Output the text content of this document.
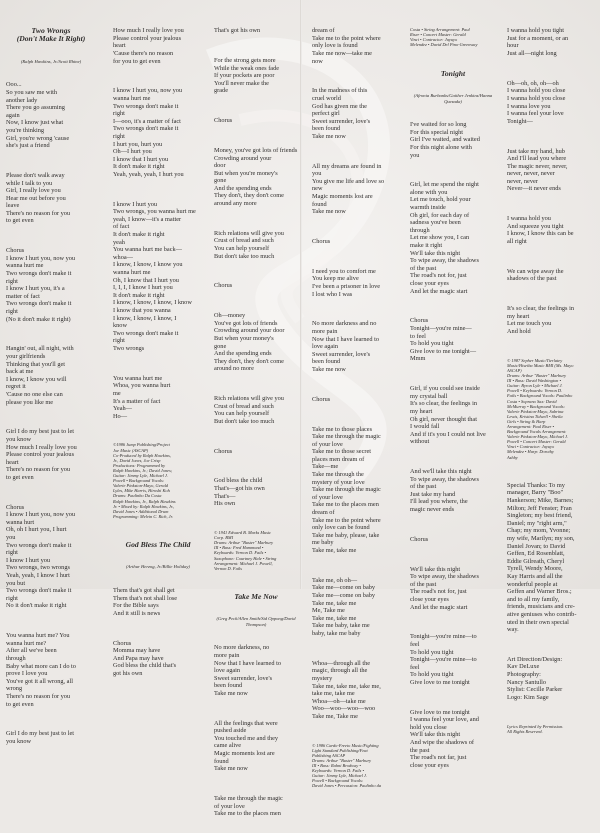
Two Wrongs
(Don't Make It Right)

(Ralph Hawkins, Jr./Scott Rhine)

Ooo...
So you saw me with
another lady
There you go assuming
again
Now, I know just what
you're thinking
Girl, you're wrong 'cause
she's just a friend

Please don't walk away
while I talk to you
Girl, I really love you
Hear me out before you
leave
There's no reason for you
to get even

Chorus
I know I hurt you, now you
wanna hurt me
Two wrongs don't make it
right
I know I hurt you, it's a
matter of fact
Two wrongs don't make it
right
(No it don't make it right)

Hangin' out, all night, with
your girlfriends
Thinking that you'll get
back at me
I know, I know you will
regret it
'Cause no one else can
please you like me

Girl I do my best just to let
you know
How much I really love you
Please control your jealous
heart
There's no reason for you
to get even

Chorus
I know I hurt you, now you
wanna hurt
Oh, oh I hurt you, I hurt
you
Two wrongs don't make it
right
I know I hurt you
Two wrongs, two wrongs
Yeah, yeah, I know I hurt
you but
Two wrongs don't make it
right
No it don't make it right

You wanna hurt me? You
wanna hurt me?
After all we've been
through
Baby what more can I do to
prove I love you
You've got it all wrong, all
wrong
There's no reason for you
to get even

Girl I do my best just to let
you know

How much I really love you
Please control your jealous
heart
'Cause there's no reason
for you to get even

I know I hurt you, now you
wanna hurt me
Two wrongs don't make it
right
I—ooo, it's a matter of fact
Two wrongs don't make it
right
I hurt you, hurt you
Oh—I hurt you
I know that I hurt you
It don't make it right
Yeah, yeah, yeah, I hurt you

I know I hurt you
Two wrongs, you wanna hurt me
yeah, I know—it's a matter
of fact
It don't make it right
yeah
You wanna hurt me back—
whoa—
I know, I know, I know you
wanna hurt me
Oh, I know that I hurt you
I, I, I, I know I hurt you
It don't make it right
I know, I know, I know, I know
I know that you wanna
I know, I know, I know, I
know
Two wrongs don't make it
right
Two wrongs

You wanna hurt me
Whoa, you wanna hurt
me
It's a matter of fact
Yeah—
Ho—

©1986 Jump Publishing/Project
Joe Music (ASCAP)
Co-Produced by Ralph Hawkins,
Jr., David Jones, Joe Crisp
Productions: Programmed by
Ralph Hawkins, Jr.; David Jones;
Guitar: Jimmy Lyle, Michael J.
Powell • Background Vocals:
Valerie Pinkston-Mayo, Gerald
Lyles, Mike Harris, Hiroshi Koh
Drums: Paulinho Da Costa
Ralph Hawkins, Jr., Ralph Hawkins
Jr. • Mixed by: Ralph Hawkins, Jr.,
David Jones • Additional Drum
Programming: Melvin C. Rich, Jr.

God Bless The Child

(Arthur Herzog, Jr./Billie Holiday)

Them that's got shall get
Them that's not shall lose
For the Bible says
And it still is news

Chorus
Momma may have
And Papa may have
God bless the child that's
got his own

That's got his own

For the strong gets more
While the weak ones fade
If your pockets are poor
You'll never make the
grade

Chorus

Money, you've got lots of friends
Crowding around your
door
But when you're money's
gone
And the spending ends
They don't, they don't come
around any more

Rich relations will give you
Crust of bread and such
You can help yourself
But don't take too much

Chorus

Oh—money
You've got lots of friends
Crowding around your door
But when your money's
gone
And the spending ends
They don't, they don't come
around no more

Rich relations will give you
Crust of bread and such
You can help yourself
But don't take too much

Chorus

God bless the child
That's—got his own
That's—
His own

© 1941 Edward B. Marks Music
Corp. BMI
Drums: Arthur "Buster" Marbury
III • Bass: Fred Hammond •
Keyboards: Vernon D. Fails •
Saxophone: Courtney Hale • String
Arrangement: Michael J. Powell,
Vernon D. Fails

Take Me Now

(Greg Peck/Allen Smith/Sid Oppong/David Thompson)

No more darkness, no
more pain
Now that I have learned to
love again
Sweet surrender, love's
been found
Take me now

All the feelings that were
pushed aside
You touched me and they
came alive
Magic moments lost are
found
Take me now

Take me through the magic
of your love
Take me to the places men

dream of
Take me to the point where
only love is found
Take me now—take me
now

In the madness of this
cruel world
God has given me the
perfect girl
Sweet surrender, love's
been found
Take me now

All my dreams are found in
you
You give me life and love so
new
Magic moments lost are
found
Take me now

Chorus

I need you to comfort me
You keep me alive
I've been a prisoner in love
I lost who I was

No more darkness and no
more pain
Now that I have learned to
love again
Sweet surrender, love's
been found
Take me now

Chorus

Take me to those places
Take me through the magic
of your love
Take me to those secret
places men dream of
Take—me
Take me through the
mystery of your love
Take me through the magic
of your love
Take me to the places men
dream of
Take me to the point where
only love can be found
Take me baby, please, take
me baby
Take me, take me

Take me, oh oh—
Take me—come on baby
Take me—come on baby
Take me, take me
Me, Take me
Take me, take me
Take me baby, take me
baby, take me baby

Whoa—through all the
magic, through all the
mystery
Take me, take me, take me,
take me, take me
Whoa—oh—take me
Woo—woo—woo—woo
Take me, Take me

© 1986 Cardo-Freeto Music/Fighting
Light Standard Publishing/Feat
Publishing ASCAP
Drums: Arthur "Buster" Marbury
III • Bass: Rahni Brodway •
Keyboards: Vernon D. Fails •
Guitar: Jimmy Lyle, Michael J.
Powell • Background Vocals:
David Jones • Percussion: Paulinho da

Costa • String Arrangement: Paul
Riser • Concert Master: Gerald
Vinci • Contractor: Jayuyo
Melendez • David Del Pino-Greenway

Tonight

(Afronia Burbanks/Gaither Jenkins/Hanna Quezada)

I've waited for so long
For this special night
Girl I've waited, and waited
For this night alone with
you

Girl, let me spend the night
alone with you
Let me touch, hold your
warmth inside
Oh girl, for each day of
sadness you've been
through
Let me show you, I can
make it right
We'll take this night
To wipe away, the shadows
of the past
The road's not for, just
close your eyes
And let the magic start

Chorus
Tonight—you're mine—
to feel
To hold you tight
Give love to me tonight—
Mmm

Girl, if you could see inside
my crystal ball
It's so clear, the feelings in
my heart
Oh girl, never thought that
I would fall
And if it's you I could not live
without

And we'll take this night
To wipe away, the shadows
of the past
Just take my hand
I'll lead you where, the
magic never ends

Chorus

We'll take this night
To wipe away, the shadows
of the past
The road's not for, just
close your eyes
And let the magic start

Tonight—you're mine—to
feel
To hold you tight
Tonight—you're mine—to
feel
To hold you tight
Give love to me tonight

Give love to me tonight
I wanna feel your love, and
hold you close
We'll take this night
And wipe the shadows of
the past
The road's not far, just
close your eyes

I wanna hold you tight
Just for a moment, or an
hour
Just all—night long

Oh—oh, oh, oh—oh
I wanna hold you close
I wanna hold you close
I wanna love you
I wanna feel your love
Tonight—

Just take my hand, hub
And I'll lead you where
The magic never, never,
never, never, never
never, never
Never—it never ends

I wanna hold you
And squeeze you tight
I know, I know this can be
all right

We can wipe away the
shadows of the past

It's so clear, the feelings in
my heart
Let me touch you
And hold

© 1987 Sepher Music/Tierlatey
Music/Hiseiba Music BMI (Ms. Mayo
ASCAP)
Drums: Arthur "Buster" Marbury
III • Bass: David Washington •
Guitar: Byron Lyle • Michael J.
Powell • Keyboards: Vernon D.
Fails • Background Vocals: Paulinho
Costa • Soprano Sax: David
McMurray • Background Vocals:
Valerie Pinkston-Mayo, Sabrina
Lewis, Kristina Tidwell • Sheila
Girls • String & Harp
Arrangement: Paul Riser •
Background Vocals Arrangement:
Valerie Pinkston-Mayo, Michael J.
Powell • Concert Master: Gerald
Vinci • Contractor: Jayuyo
Melendez • Harp: Dorothy
Ashby

Special Thanks: To my
manager, Barry "Boo"
Hankerson; Mike, Barnes;
Milton; Jeff Fenster; Fran
Singleton; my best friend,
Daniel; my "right arm,"
Chap; my mom, Yvonne;
my wife, Marilyn; my son,
Daniel Jovan; to David
Geffen, Ed Rosenblatt,
Eddie Gilreath, Cheryl
Tyrell, Wendy Moore,
Kay Harris and all the
wonderful people at
Geffen and Warner Bros.;
and to all my family,
friends, musicians and cre-
ative geniuses who contrib-
uted in their own special
way.

Art Direction/Design:
Kav DeLuxe
Photography:
Nancy Santullo
Stylist: Cecille Parker
Logo: Kim Sage

Lyrics Reprinted by Permission.
All Rights Reserved.
